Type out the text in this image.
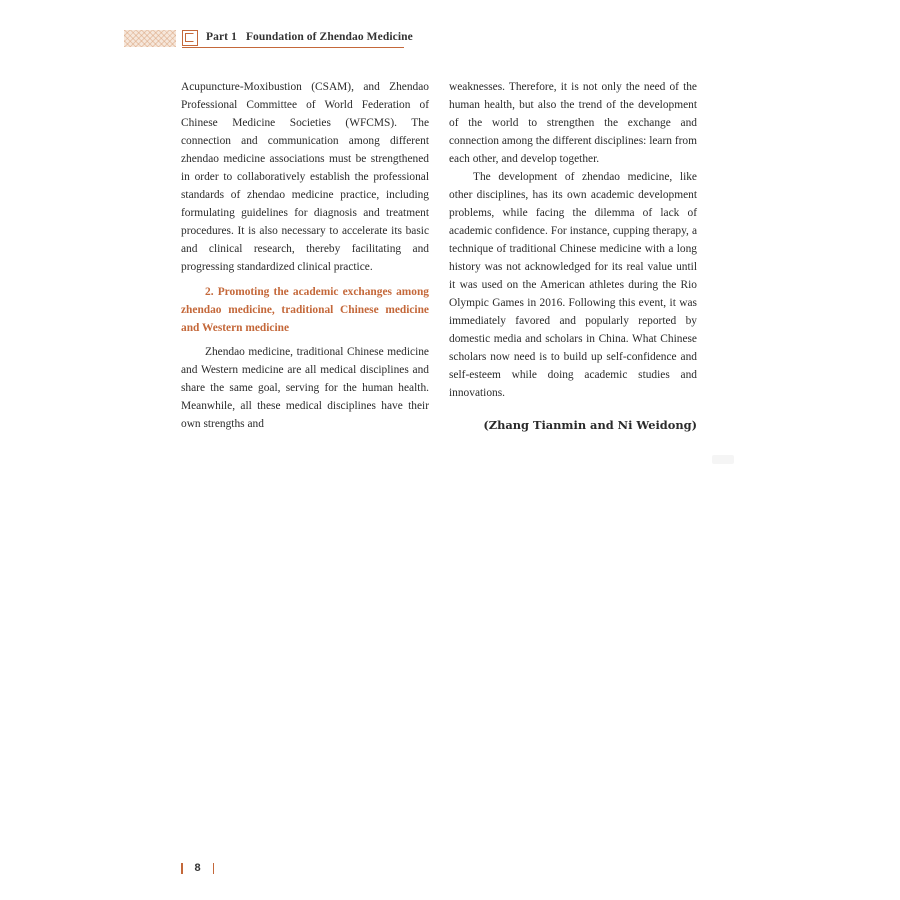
Part 1 Foundation of Zhendao Medicine

Acupuncture-Moxibustion (CSAM), and Zhendao Professional Committee of World Federation of Chinese Medicine Societies (WFCMS). The connection and communication among different zhendao medicine associations must be strengthened in order to collaboratively establish the professional standards of zhendao medicine practice, including formulating guidelines for diagnosis and treatment procedures. It is also necessary to accelerate its basic and clinical research, thereby facilitating and progressing standardized clinical practice.

2. Promoting the academic exchanges among zhendao medicine, traditional Chinese medicine and Western medicine

Zhendao medicine, traditional Chinese medicine and Western medicine are all medical disciplines and share the same goal, serving for the human health. Meanwhile, all these medical disciplines have their own strengths and

weaknesses. Therefore, it is not only the need of the human health, but also the trend of the development of the world to strengthen the exchange and connection among the different disciplines: learn from each other, and develop together.

The development of zhendao medicine, like other disciplines, has its own academic development problems, while facing the dilemma of lack of academic confidence. For instance, cupping therapy, a technique of traditional Chinese medicine with a long history was not acknowledged for its real value until it was used on the American athletes during the Rio Olympic Games in 2016. Following this event, it was immediately favored and popularly reported by domestic media and scholars in China. What Chinese scholars now need is to build up self-confidence and self-esteem while doing academic studies and innovations.

(Zhang Tianmin and Ni Weidong)
8
